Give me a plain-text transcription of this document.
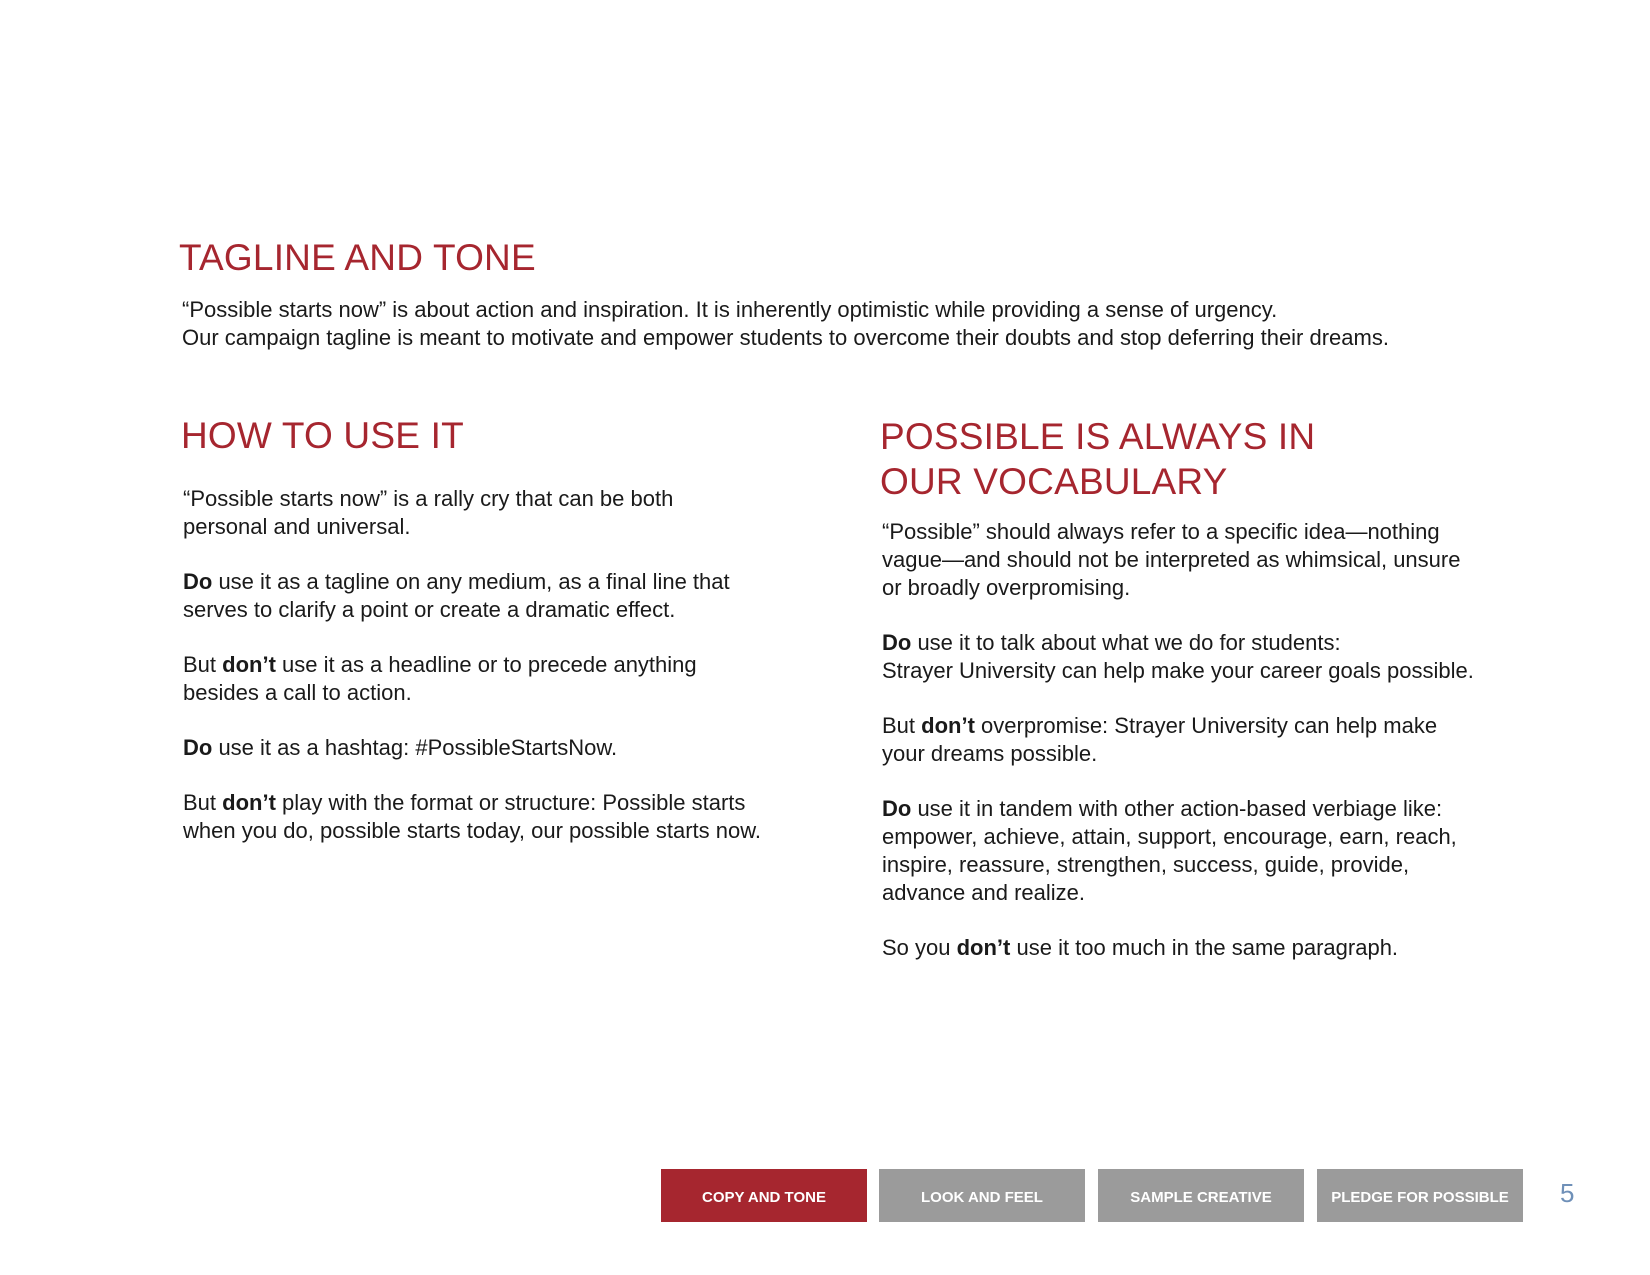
TAGLINE AND TONE
“Possible starts now” is about action and inspiration. It is inherently optimistic while providing a sense of urgency.
Our campaign tagline is meant to motivate and empower students to overcome their doubts and stop deferring their dreams.
HOW TO USE IT

“Possible starts now” is a rally cry that can be both
personal and universal.

Do use it as a tagline on any medium, as a final line that
serves to clarify a point or create a dramatic effect.

But don’t use it as a headline or to precede anything
besides a call to action.

Do use it as a hashtag: #PossibleStartsNow.

But don’t play with the format or structure: Possible starts
when you do, possible starts today, our possible starts now.

POSSIBLE IS ALWAYS IN
OUR VOCABULARY

“Possible” should always refer to a specific idea—nothing
vague—and should not be interpreted as whimsical, unsure
or broadly overpromising.

Do use it to talk about what we do for students:
Strayer University can help make your career goals possible.

But don’t overpromise: Strayer University can help make
your dreams possible.

Do use it in tandem with other action-based verbiage like:
empower, achieve, attain, support, encourage, earn, reach,
inspire, reassure, strengthen, success, guide, provide,
advance and realize.

So you don’t use it too much in the same paragraph.

COPY AND TONE	LOOK AND FEEL	SAMPLE CREATIVE	PLEDGE FOR POSSIBLE	5
